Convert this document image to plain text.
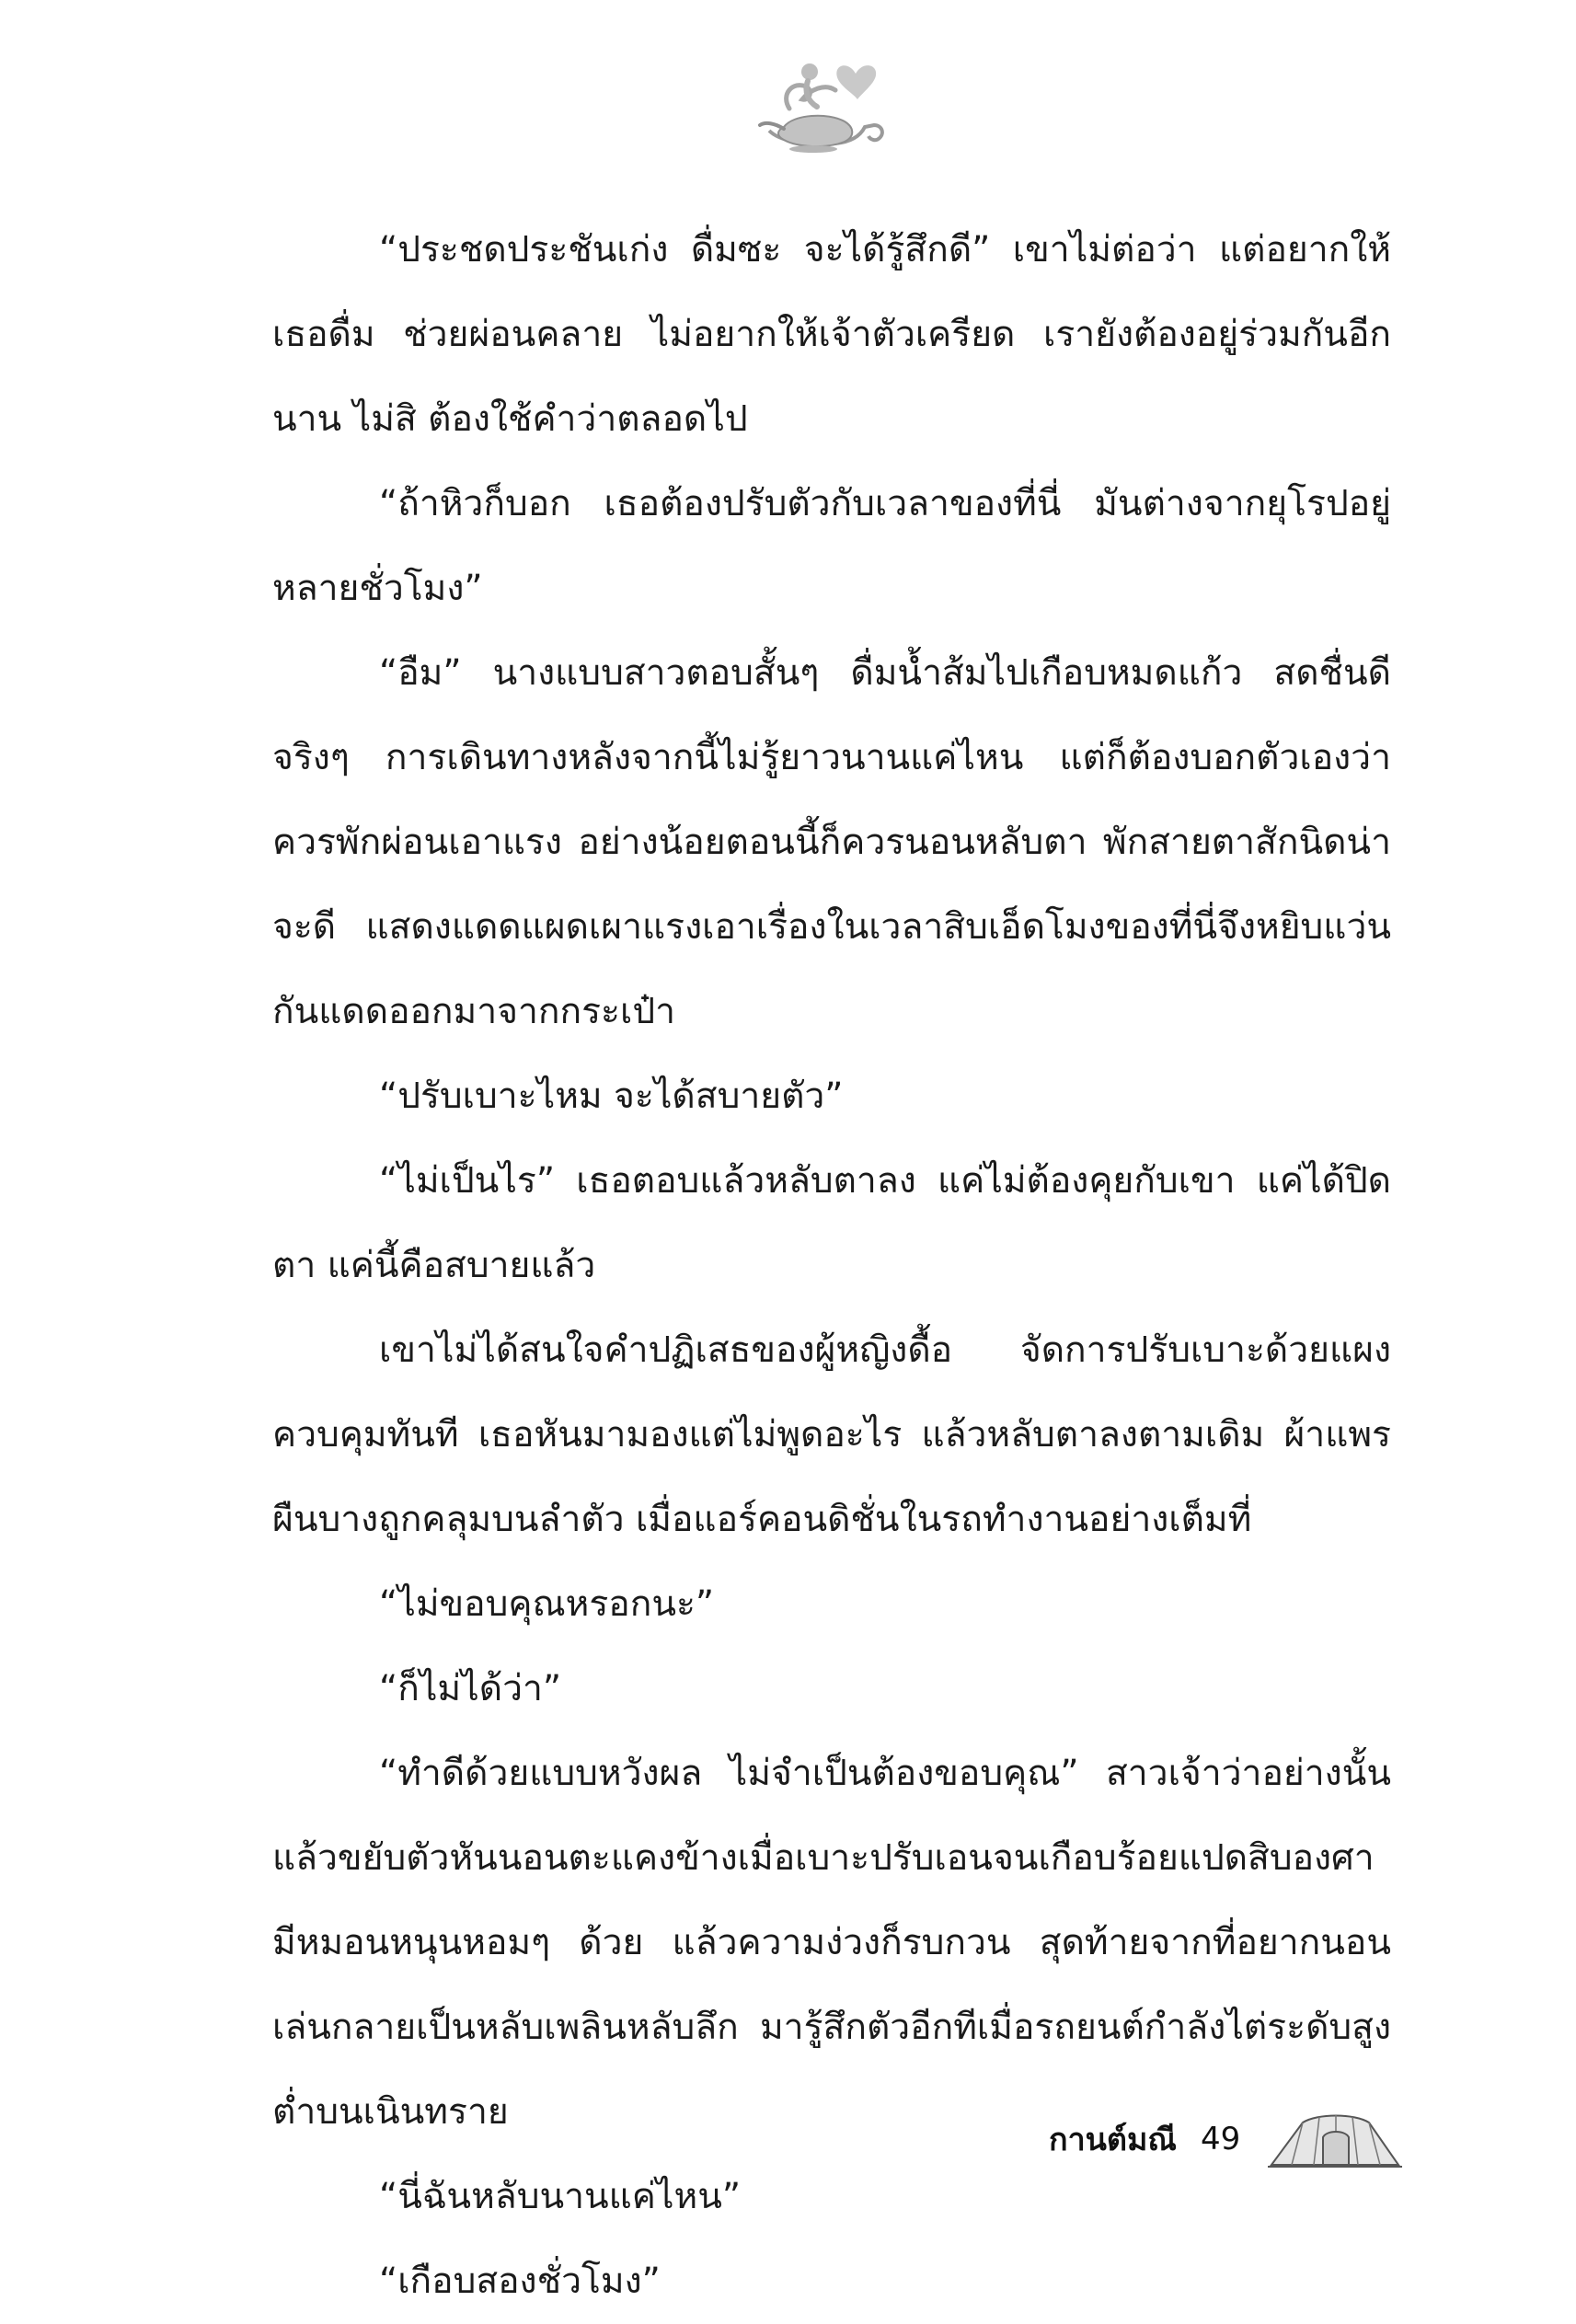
“ประชดประชันเก่ง ดื่มซะ จะได้รู้สึกดี” เขาไม่ต่อว่า แต่อยากให้เธอดื่ม ช่วยผ่อนคลาย ไม่อยากให้เจ้าตัวเครียด เรายังต้องอยู่ร่วมกันอีกนาน ไม่สิ ต้องใช้คำว่าตลอดไป

“ถ้าหิวก็บอก เธอต้องปรับตัวกับเวลาของที่นี่ มันต่างจากยุโรปอยู่หลายชั่วโมง”

“อืม” นางแบบสาวตอบสั้นๆ ดื่มน้ำส้มไปเกือบหมดแก้ว สดชื่นดีจริงๆ การเดินทางหลังจากนี้ไม่รู้ยาวนานแค่ไหน แต่ก็ต้องบอกตัวเองว่าควรพักผ่อนเอาแรง อย่างน้อยตอนนี้ก็ควรนอนหลับตา พักสายตาสักนิดน่าจะดี แสดงแดดแผดเผาแรงเอาเรื่องในเวลาสิบเอ็ดโมงของที่นี่จึงหยิบแว่นกันแดดออกมาจากกระเป๋า

“ปรับเบาะไหม จะได้สบายตัว”

“ไม่เป็นไร” เธอตอบแล้วหลับตาลง แค่ไม่ต้องคุยกับเขา แค่ได้ปิดตา แค่นี้คือสบายแล้ว

เขาไม่ได้สนใจคำปฏิเสธของผู้หญิงดื้อ จัดการปรับเบาะด้วยแผงควบคุมทันที เธอหันมามองแต่ไม่พูดอะไร แล้วหลับตาลงตามเดิม ผ้าแพรผืนบางถูกคลุมบนลำตัว เมื่อแอร์คอนดิชั่นในรถทำงานอย่างเต็มที่

“ไม่ขอบคุณหรอกนะ”

“ก็ไม่ได้ว่า”

“ทำดีด้วยแบบหวังผล ไม่จำเป็นต้องขอบคุณ” สาวเจ้าว่าอย่างนั้นแล้วขยับตัวหันนอนตะแคงข้างเมื่อเบาะปรับเอนจนเกือบร้อยแปดสิบองศา มีหมอนหนุนหอมๆ ด้วย แล้วความง่วงก็รบกวน สุดท้ายจากที่อยากนอนเล่นกลายเป็นหลับเพลินหลับลึก มารู้สึกตัวอีกทีเมื่อรถยนต์กำลังไต่ระดับสูงต่ำบนเนินทราย

“นี่ฉันหลับนานแค่ไหน”

“เกือบสองชั่วโมง”

กานต์มณี 49
